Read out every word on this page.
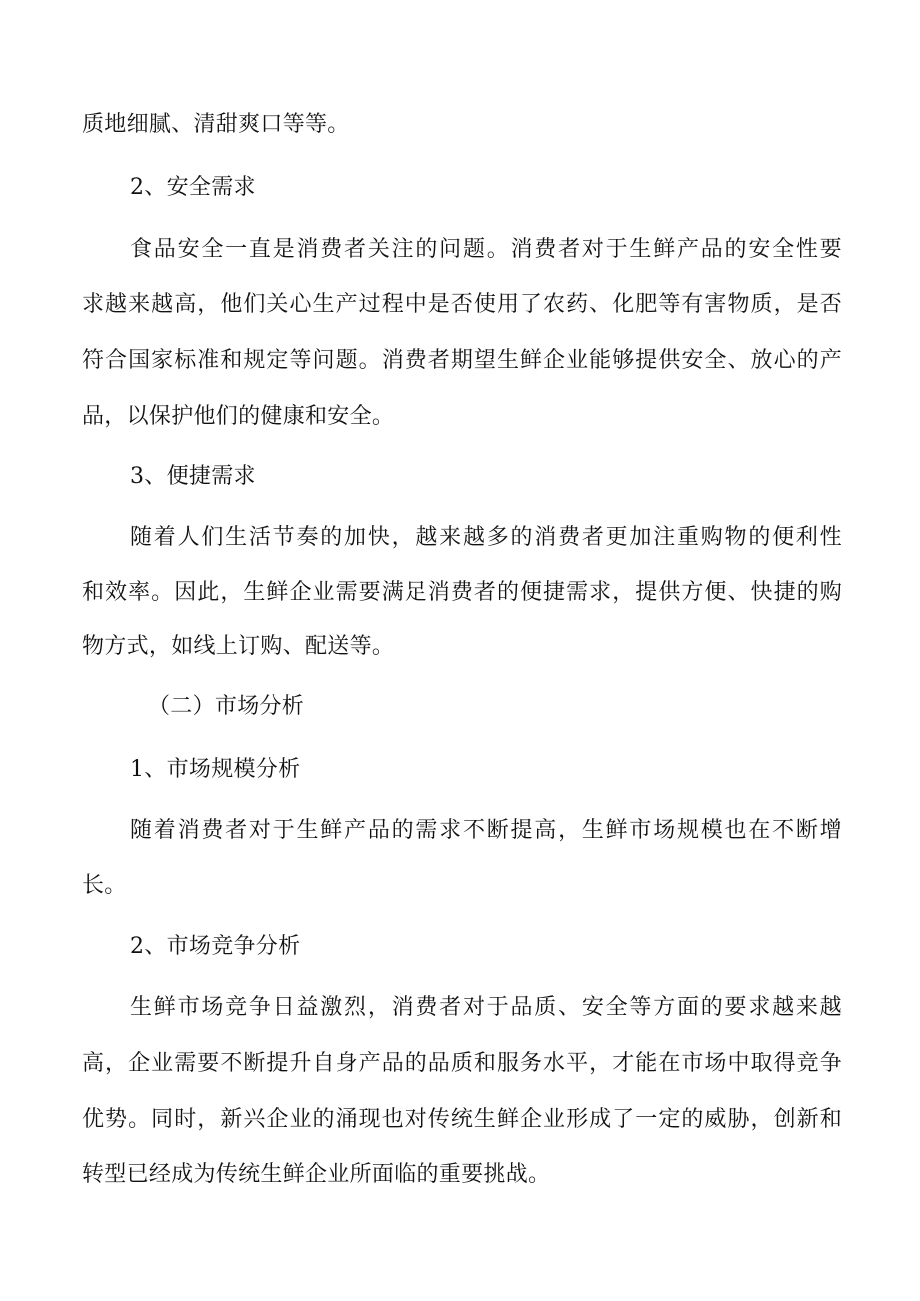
质地细腻、清甜爽口等等。
2、安全需求
食品安全一直是消费者关注的问题。消费者对于生鲜产品的安全性要
求越来越高，他们关心生产过程中是否使用了农药、化肥等有害物质，是否
符合国家标准和规定等问题。消费者期望生鲜企业能够提供安全、放心的产
品，以保护他们的健康和安全。
3、便捷需求
随着人们生活节奏的加快，越来越多的消费者更加注重购物的便利性
和效率。因此，生鲜企业需要满足消费者的便捷需求，提供方便、快捷的购
物方式，如线上订购、配送等。
（二）市场分析
1、市场规模分析
随着消费者对于生鲜产品的需求不断提高，生鲜市场规模也在不断增
长。
2、市场竞争分析
生鲜市场竞争日益激烈，消费者对于品质、安全等方面的要求越来越
高，企业需要不断提升自身产品的品质和服务水平，才能在市场中取得竞争
优势。同时，新兴企业的涌现也对传统生鲜企业形成了一定的威胁，创新和
转型已经成为传统生鲜企业所面临的重要挑战。
